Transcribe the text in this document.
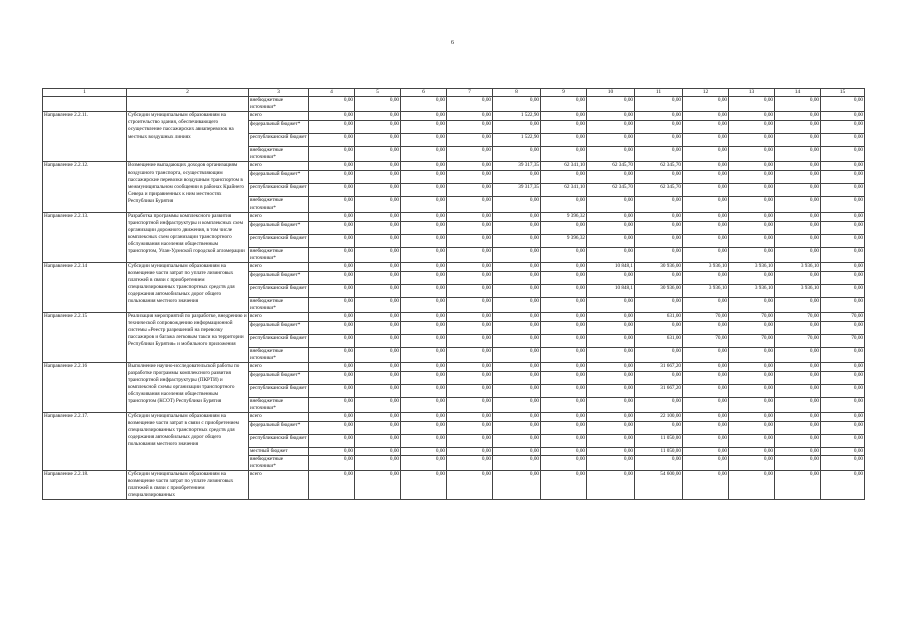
6
1	2	3	4	5	6	7	8	9	10	11	12	13	14	15
		внебюджетные источники*	0,00	0,00	0,00	0,00	0,00	0,00	0,00	0,00	0,00	0,00	0,00	0,00
Направление 2.2.11.	Субсидии муниципальным образованиям на строительство здания, обеспечивающего осуществление пассажирских авиаперевозок на местных воздушных линиях	всего	0,00	0,00	0,00	0,00	1 522,90	0,00	0,00	0,00	0,00	0,00	0,00	0,00
		федеральный бюджет*	0,00	0,00	0,00	0,00	0,00	0,00	0,00	0,00	0,00	0,00	0,00	0,00
		республиканский бюджет	0,00	0,00	0,00	0,00	1 522,90	0,00	0,00	0,00	0,00	0,00	0,00	0,00
		внебюджетные источники*	0,00	0,00	0,00	0,00	0,00	0,00	0,00	0,00	0,00	0,00	0,00	0,00
Направление 2.2.12.	Возмещение выпадающих доходов организациям воздушного транспорта, осуществляющим пассажирские перевозки воздушным транспортом в межмуниципальном сообщении в районах Крайнего Севера и приравненных к ним местностях Республики Бурятия	всего	0,00	0,00	0,00	0,00	39 317,35	62 341,10	62 345,70	62 345,70	0,00	0,00	0,00	0,00
		федеральный бюджет*	0,00	0,00	0,00	0,00	0,00	0,00	0,00	0,00	0,00	0,00	0,00	0,00
		республиканский бюджет	0,00	0,00	0,00	0,00	39 317,35	62 341,10	62 345,70	62 345,70	0,00	0,00	0,00	0,00
		внебюджетные источники*	0,00	0,00	0,00	0,00	0,00	0,00	0,00	0,00	0,00	0,00	0,00	0,00
Направление 2.2.13.	Разработка программы комплексного развития транспортной инфраструктуры и комплексных схем организации дорожного движения, в том числе комплексных схем организации транспортного обслуживания населения общественным транспортом, Улан-Удэнской городской агломерации	всего	0,00	0,00	0,00	0,00	0,00	9 396,32	0,00	0,00	0,00	0,00	0,00	0,00
		федеральный бюджет*	0,00	0,00	0,00	0,00	0,00	0,00	0,00	0,00	0,00	0,00	0,00	0,00
		республиканский бюджет	0,00	0,00	0,00	0,00	0,00	9 396,32	0,00	0,00	0,00	0,00	0,00	0,00
		внебюджетные источники*	0,00	0,00	0,00	0,00	0,00	0,00	0,00	0,00	0,00	0,00	0,00	0,00
Направление 2.2.14	Субсидии муниципальным образованиям на возмещение части затрат по уплате лизинговых платежей в связи с приобретением специализированных транспортных средств для содержания автомобильных дорог общего пользования местного значения	всего	0,00	0,00	0,00	0,00	0,00	0,00	10 848,1	30 936,00	3 936,10	3 936,10	3 936,10	0,00
		федеральный бюджет*	0,00	0,00	0,00	0,00	0,00	0,00	0,00	0,00	0,00	0,00	0,00	0,00
		республиканский бюджет	0,00	0,00	0,00	0,00	0,00	0,00	10 848,1	30 936,00	3 936,10	3 936,10	3 936,10	0,00
		внебюджетные источники*	0,00	0,00	0,00	0,00	0,00	0,00	0,00	0,00	0,00	0,00	0,00	0,00
Направление 2.2.15	Реализация мероприятий по разработке, внедрению и технической сопровождению информационной системы «Реестр разрешений на перевозку пассажиров и багажа легковым такси на территории Республики Бурятия» и мобильного приложения	всего	0,00	0,00	0,00	0,00	0,00	0,00	0,00	631,00	70,00	70,00	70,00	70,00
		федеральный бюджет*	0,00	0,00	0,00	0,00	0,00	0,00	0,00	0,00	0,00	0,00	0,00	0,00
		республиканский бюджет	0,00	0,00	0,00	0,00	0,00	0,00	0,00	631,00	70,00	70,00	70,00	70,00
		внебюджетные источники*	0,00	0,00	0,00	0,00	0,00	0,00	0,00	0,00	0,00	0,00	0,00	0,00
Направление 2.2.16	Выполнение научно-исследовательской работы по разработке программы комплексного развития транспортной инфраструктуры (ПКРТИ) и комплексной схемы организации транспортного обслуживания населения общественным транспортом (КСОТ) Республики Бурятия	всего	0,00	0,00	0,00	0,00	0,00	0,00	0,00	31 667,20	0,00	0,00	0,00	0,00
		федеральный бюджет*	0,00	0,00	0,00	0,00	0,00	0,00	0,00	0,00	0,00	0,00	0,00	0,00
		республиканский бюджет	0,00	0,00	0,00	0,00	0,00	0,00	0,00	31 667,20	0,00	0,00	0,00	0,00
		внебюджетные источники*	0,00	0,00	0,00	0,00	0,00	0,00	0,00	0,00	0,00	0,00	0,00	0,00
Направление 2.2.17.	Субсидии муниципальным образованиям на возмещение части затрат в связи с приобретением специализированных транспортных средств для содержания автомобильных дорог общего пользования местного значения	всего	0,00	0,00	0,00	0,00	0,00	0,00	0,00	22 100,00	0,00	0,00	0,00	0,00
		федеральный бюджет*	0,00	0,00	0,00	0,00	0,00	0,00	0,00	0,00	0,00	0,00	0,00	0,00
		республиканский бюджет	0,00	0,00	0,00	0,00	0,00	0,00	0,00	11 050,00	0,00	0,00	0,00	0,00
		местный бюджет	0,00	0,00	0,00	0,00	0,00	0,00	0,00	11 050,00	0,00	0,00	0,00	0,00
		внебюджетные источники*	0,00	0,00	0,00	0,00	0,00	0,00	0,00	0,00	0,00	0,00	0,00	0,00
Направление 2.2.18.	Субсидии муниципальным образованиям на возмещение части затрат по уплате лизинговых платежей в связи с приобретением специализированных	всего	0,00	0,00	0,00	0,00	0,00	0,00	0,00	54 600,00	0,00	0,00	0,00	0,00
